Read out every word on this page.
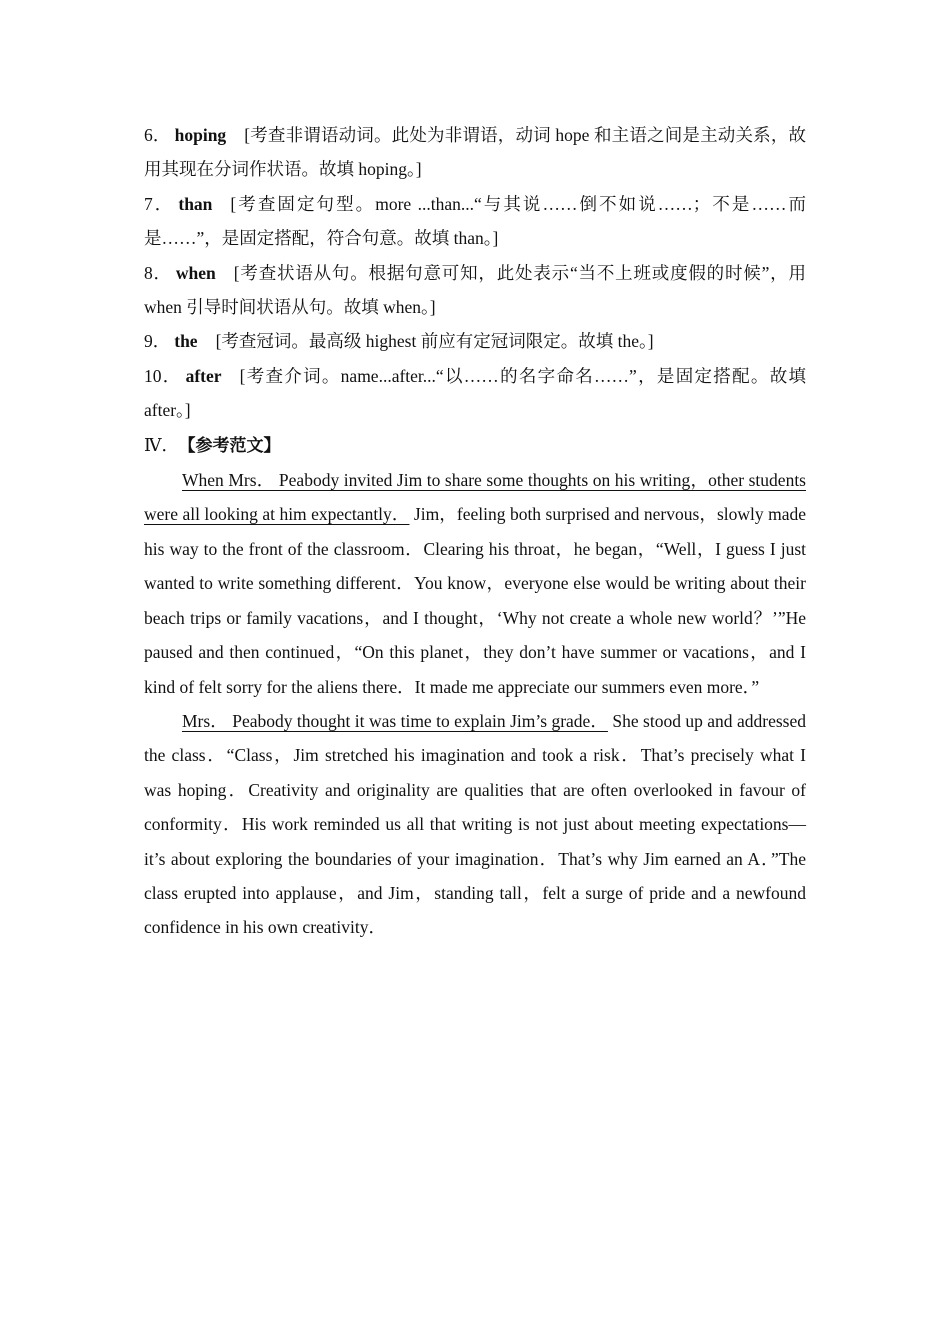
6． hoping [考查非谓语动词。此处为非谓语，动词 hope 和主语之间是主动关系，故用其现在分词作状语。故填 hoping。]

7． than [考查固定句型。more ...than...“与其说……倒不如说……；不是……而是……”，是固定搭配，符合句意。故填 than。]

8． when [考查状语从句。根据句意可知，此处表示“当不上班或度假的时候”，用 when 引导时间状语从句。故填 when。]

9． the [考查冠词。最高级 highest 前应有定冠词限定。故填 the。]

10． after [考查介词。name...after...“以……的名字命名……”，是固定搭配。故填 after。]

Ⅳ． 【参考范文】

When Mrs． Peabody invited Jim to share some thoughts on his writing，other students were all looking at him expectantly． Jim，feeling both surprised and nervous，slowly made his way to the front of the classroom．Clearing his throat，he began，“Well，I guess I just wanted to write something different．You know，everyone else would be writing about their beach trips or family vacations，and I thought，‘Why not create a whole new world？’”He paused and then continued，“On this planet，they don’t have summer or vacations，and I kind of felt sorry for the aliens there．It made me appreciate our summers even more．”

Mrs． Peabody thought it was time to explain Jim’s grade． She stood up and addressed the class．“Class，Jim stretched his imagination and took a risk．That’s precisely what I was hoping．Creativity and originality are qualities that are often overlooked in favour of conformity．His work reminded us all that writing is not just about meeting expectations—it’s about exploring the boundaries of your imagination．That’s why Jim earned an A．”The class erupted into applause，and Jim，standing tall，felt a surge of pride and a newfound confidence in his own creativity．
